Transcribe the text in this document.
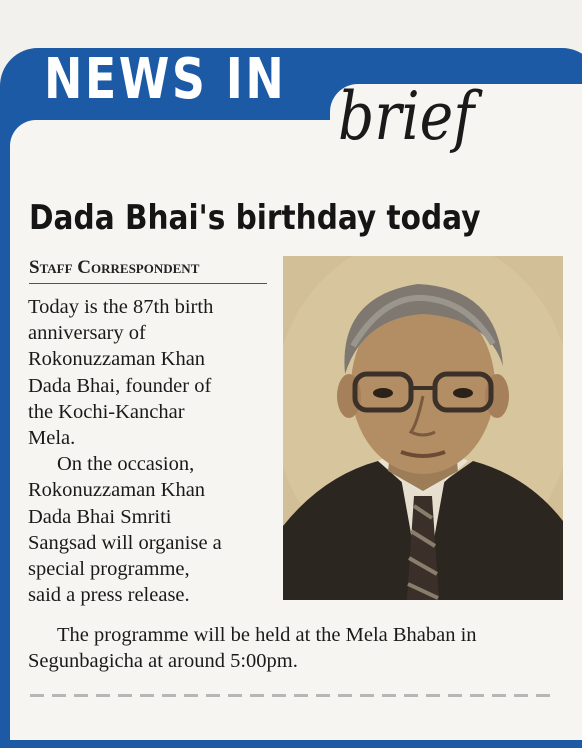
NEWS IN brief
Dada Bhai's birthday today
Staff Correspondent
Today is the 87th birth
anniversary of
Rokonuzzaman Khan
Dada Bhai, founder of
the Kochi-Kanchar
Mela.
On the occasion,
Rokonuzzaman Khan
Dada Bhai Smriti
Sangsad will organise a
special programme,
said a press release.
The programme will be held at the Mela Bhaban in
Segunbagicha at around 5:00pm.
